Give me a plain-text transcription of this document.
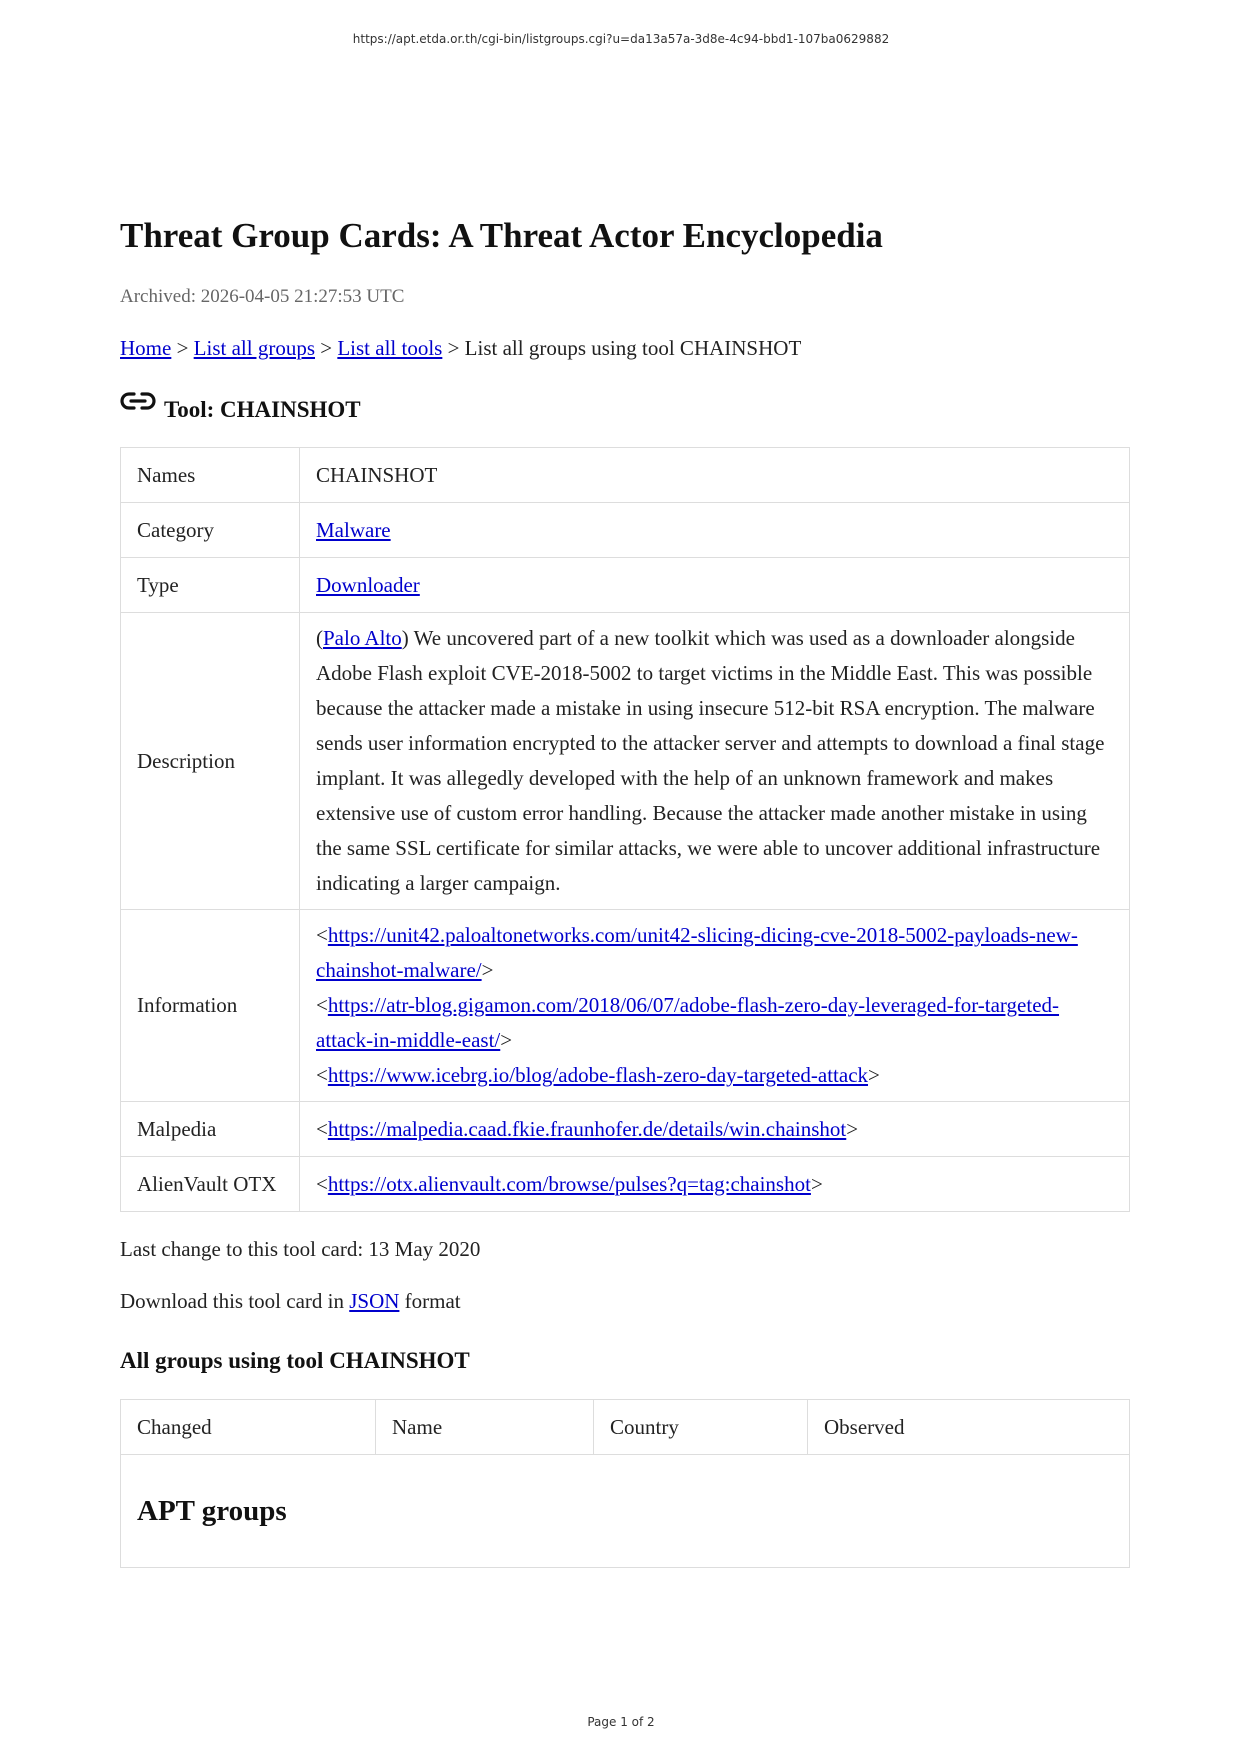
https://apt.etda.or.th/cgi-bin/listgroups.cgi?u=da13a57a-3d8e-4c94-bbd1-107ba0629882
Threat Group Cards: A Threat Actor Encyclopedia
Archived: 2026-04-05 21:27:53 UTC
Home > List all groups > List all tools > List all groups using tool CHAINSHOT
Tool: CHAINSHOT
Names	CHAINSHOT
Category	Malware
Type	Downloader
Description	(Palo Alto) We uncovered part of a new toolkit which was used as a downloader alongside Adobe Flash exploit CVE-2018-5002 to target victims in the Middle East. This was possible because the attacker made a mistake in using insecure 512-bit RSA encryption. The malware sends user information encrypted to the attacker server and attempts to download a final stage implant. It was allegedly developed with the help of an unknown framework and makes extensive use of custom error handling. Because the attacker made another mistake in using the same SSL certificate for similar attacks, we were able to uncover additional infrastructure indicating a larger campaign.
Information	<https://unit42.paloaltonetworks.com/unit42-slicing-dicing-cve-2018-5002-payloads-new-chainshot-malware/>
<https://atr-blog.gigamon.com/2018/06/07/adobe-flash-zero-day-leveraged-for-targeted-attack-in-middle-east/>
<https://www.icebrg.io/blog/adobe-flash-zero-day-targeted-attack>

Malpedia	<https://malpedia.caad.fkie.fraunhofer.de/details/win.chainshot>
AlienVault OTX	<https://otx.alienvault.com/browse/pulses?q=tag:chainshot>
Last change to this tool card: 13 May 2020
Download this tool card in JSON format
All groups using tool CHAINSHOT
Changed	Name	Country	Observed
APT groups
Page 1 of 2
